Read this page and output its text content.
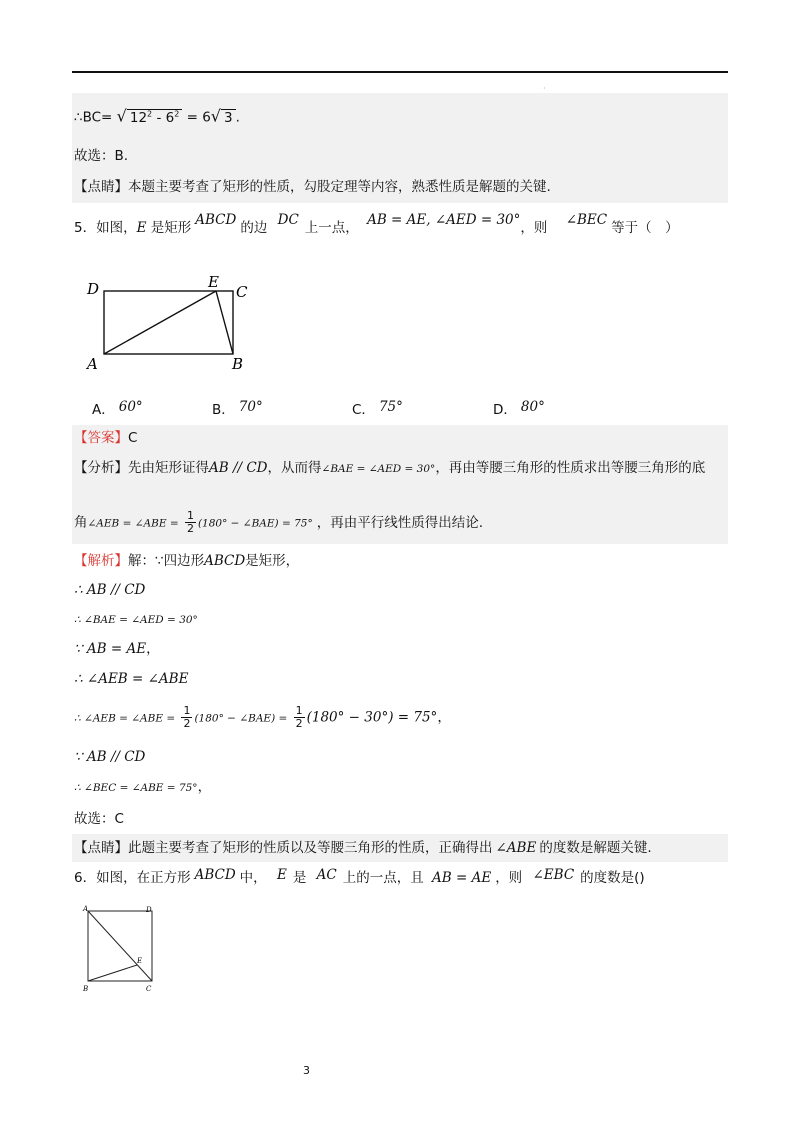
·
∴BC= √ $12^2 - 6^2 = 6√$ 3 .
故选：B.
【点睛】本题主要考查了矩形的性质，勾股定理等内容，熟悉性质是解题的关键.
5．如图，E 是矩形 ABCD 的边 DC 上一点， AB = AE, ∠AED = 30°，则 ∠BEC 等于（　）
D	E
C
A	B
A． 60°	B． 70°	C． 75°	D． 80°
【答案】C
【分析】先由矩形证得AB // CD，从而得∠BAE = ∠AED = 30°，再由等腰三角形的性质求出等腰三角形的底
角∠AEB = ∠ABE = $\frac{1}{2} (180^\circ$ − ∠BAE) = 75° ，再由平行线性质得出结论.
【解析】解：∵四边形ABCD是矩形，
∴ AB // CD
∴ ∠BAE = ∠AED = 30°
∵ AB = AE，
∴ ∠AEB = ∠ABE
∴ ∠AEB = ∠ABE = $\frac{1}{2} (180^\circ$ − ∠BAE) = $\frac{1}{2} (180^\circ - 30^\circ) = 75^\circ$，
∵ AB // CD
∴ ∠BEC = ∠ABE = 75°，
故选：C
【点睛】此题主要考查了矩形的性质以及等腰三角形的性质，正确得出 ∠ABE 的度数是解题关键.
6．如图，在正方形 ABCD 中， E 是 AC 上的一点，且 AB = AE ，则 ∠EBC 的度数是()
A	D
E
B	C
3
